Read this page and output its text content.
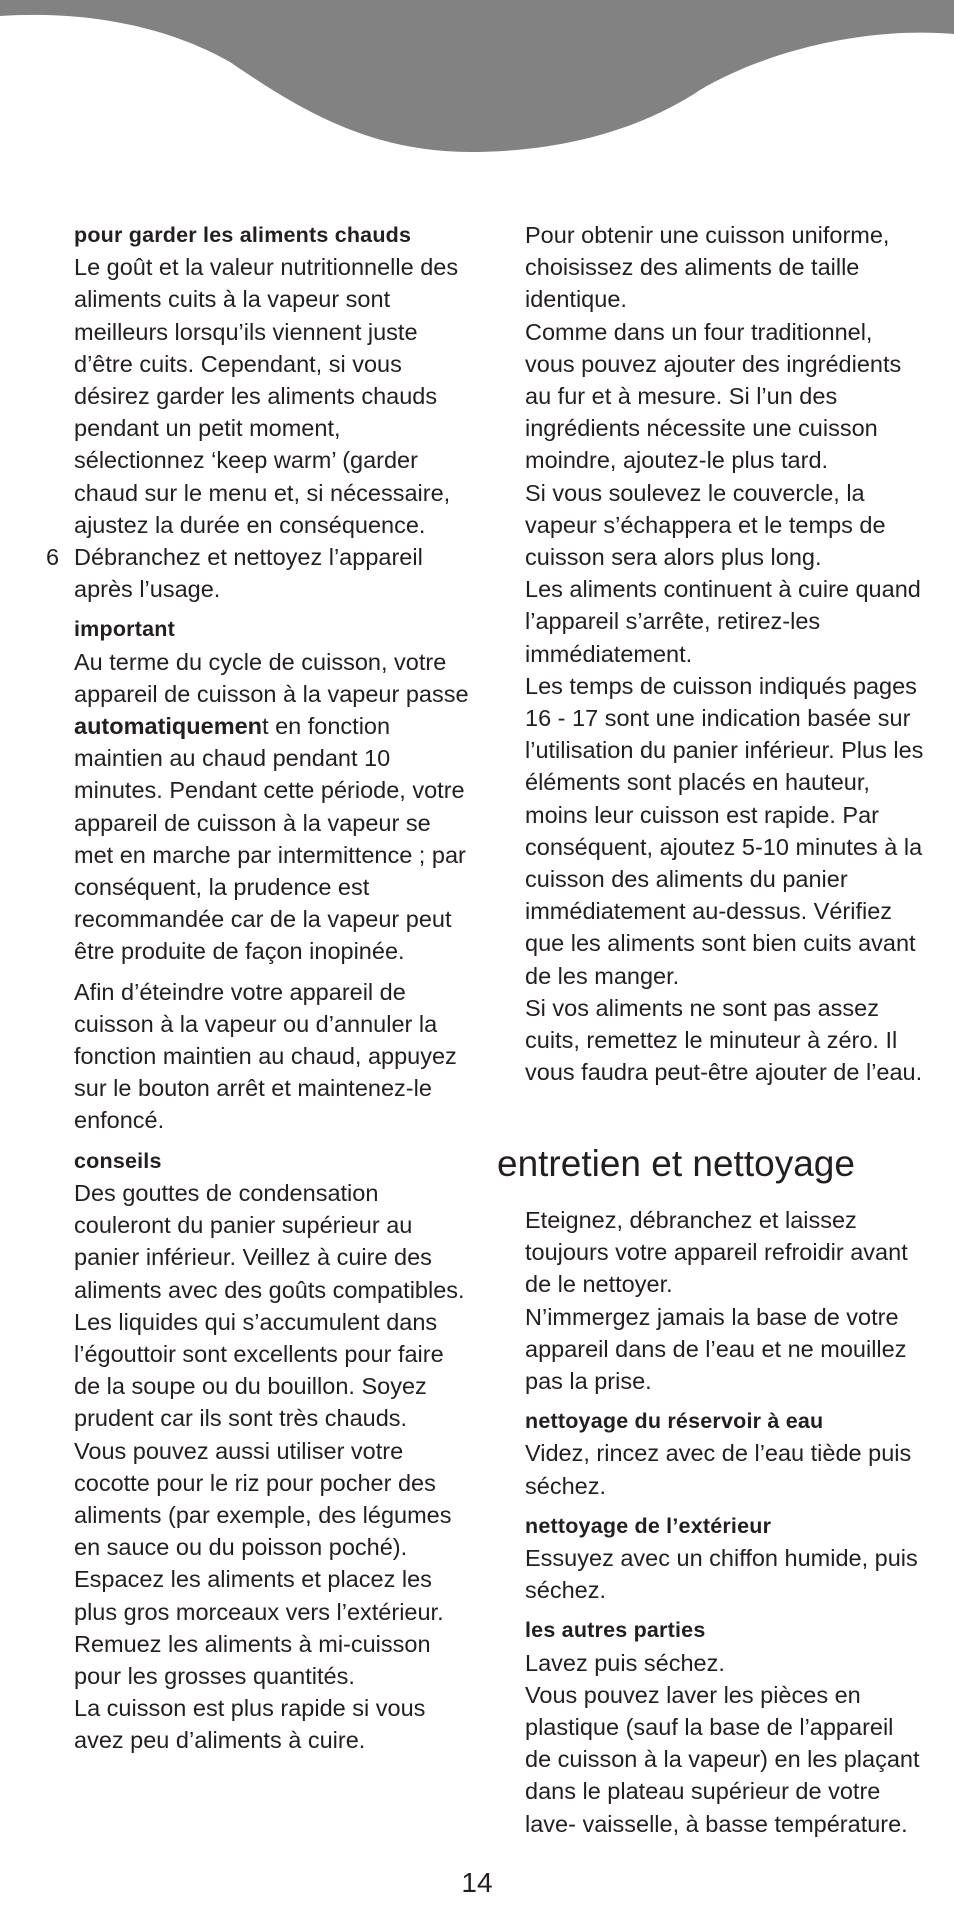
pour garder les aliments chauds

Le goût et la valeur nutritionnelle des aliments cuits à la vapeur sont meilleurs lorsqu’ils viennent juste d’être cuits. Cependant, si vous désirez garder les aliments chauds pendant un petit moment, sélectionnez ‘keep warm’ (garder chaud sur le menu et, si nécessaire, ajustez la durée en conséquence.

6 Débranchez et nettoyez l’appareil après l’usage.

important

Au terme du cycle de cuisson, votre appareil de cuisson à la vapeur passe automatiquement en fonction maintien au chaud pendant 10 minutes. Pendant cette période, votre appareil de cuisson à la vapeur se met en marche par intermittence ; par conséquent, la prudence est recommandée car de la vapeur peut être produite de façon inopinée.

Afin d’éteindre votre appareil de cuisson à la vapeur ou d’annuler la fonction maintien au chaud, appuyez sur le bouton arrêt et maintenez-le enfoncé.

conseils

Des gouttes de condensation couleront du panier supérieur au panier inférieur. Veillez à cuire des aliments avec des goûts compatibles.

Les liquides qui s’accumulent dans l’égouttoir sont excellents pour faire de la soupe ou du bouillon. Soyez prudent car ils sont très chauds.

Vous pouvez aussi utiliser votre cocotte pour le riz pour pocher des aliments (par exemple, des légumes en sauce ou du poisson poché).

Espacez les aliments et placez les plus gros morceaux vers l’extérieur.

Remuez les aliments à mi-cuisson pour les grosses quantités.

La cuisson est plus rapide si vous avez peu d’aliments à cuire.

Pour obtenir une cuisson uniforme, choisissez des aliments de taille identique.

Comme dans un four traditionnel, vous pouvez ajouter des ingrédients au fur et à mesure. Si l’un des ingrédients nécessite une cuisson moindre, ajoutez-le plus tard.

Si vous soulevez le couvercle, la vapeur s’échappera et le temps de cuisson sera alors plus long.

Les aliments continuent à cuire quand l’appareil s’arrête, retirez-les immédiatement.

Les temps de cuisson indiqués pages 16 - 17 sont une indication basée sur l’utilisation du panier inférieur. Plus les éléments sont placés en hauteur, moins leur cuisson est rapide. Par conséquent, ajoutez 5-10 minutes à la cuisson des aliments du panier immédiatement au-dessus. Vérifiez que les aliments sont bien cuits avant de les manger.

Si vos aliments ne sont pas assez cuits, remettez le minuteur à zéro. Il vous faudra peut-être ajouter de l’eau.

entretien et nettoyage

Eteignez, débranchez et laissez toujours votre appareil refroidir avant de le nettoyer.

N’immergez jamais la base de votre appareil dans de l’eau et ne mouillez pas la prise.

nettoyage du réservoir à eau

Videz, rincez avec de l’eau tiède puis séchez.

nettoyage de l’extérieur

Essuyez avec un chiffon humide, puis séchez.

les autres parties

Lavez puis séchez.

Vous pouvez laver les pièces en plastique (sauf la base de l’appareil de cuisson à la vapeur) en les plaçant dans le plateau supérieur de votre lave- vaisselle, à basse température.

14
